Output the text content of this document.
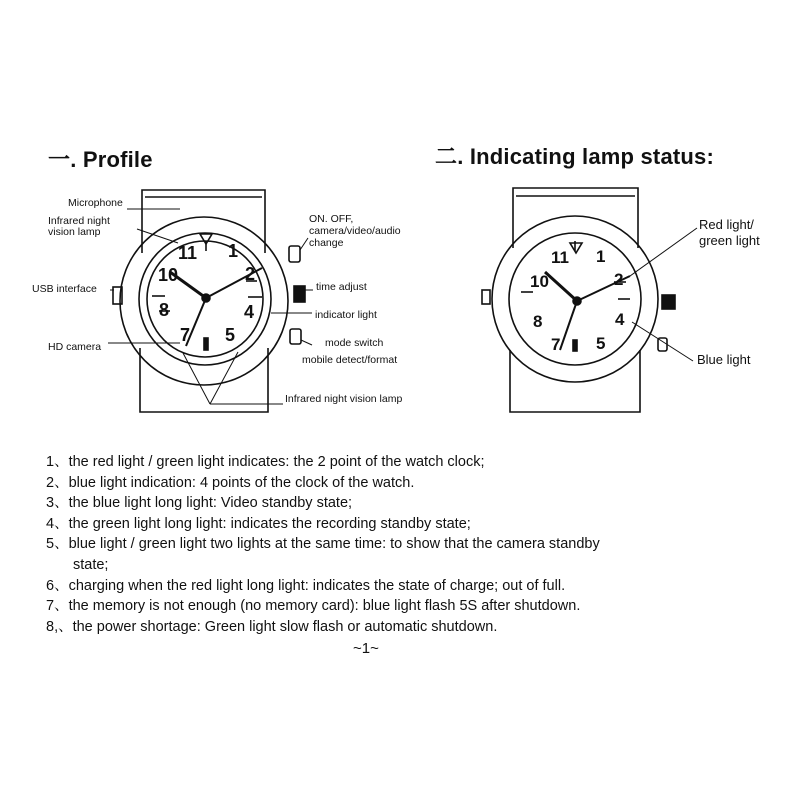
一. Profile	二. Indicating lamp status:
11 1
10	2
8	4
7 5
11 1
10	2
8	4
7 5
Microphone
Infrared night
vision lamp
USB interface
HD camera
ON. OFF,
camera/video/audio
change
time adjust
indicator light
mode switch
mobile detect/format
Infrared night vision lamp
Red light/
green light
Blue light
1、the red light / green light indicates: the 2 point of the watch clock;
2、blue light indication: 4 points of the clock of the watch.
3、the blue light long light: Video standby state;
4、the green light long light: indicates the recording standby state;
5、blue light / green light two lights at the same time: to show that the camera standby
state;
6、charging when the red light long light: indicates the state of charge; out of full.
7、the memory is not enough (no memory card): blue light flash 5S after shutdown.
8,、the power shortage: Green light slow flash or automatic shutdown.
~1~
